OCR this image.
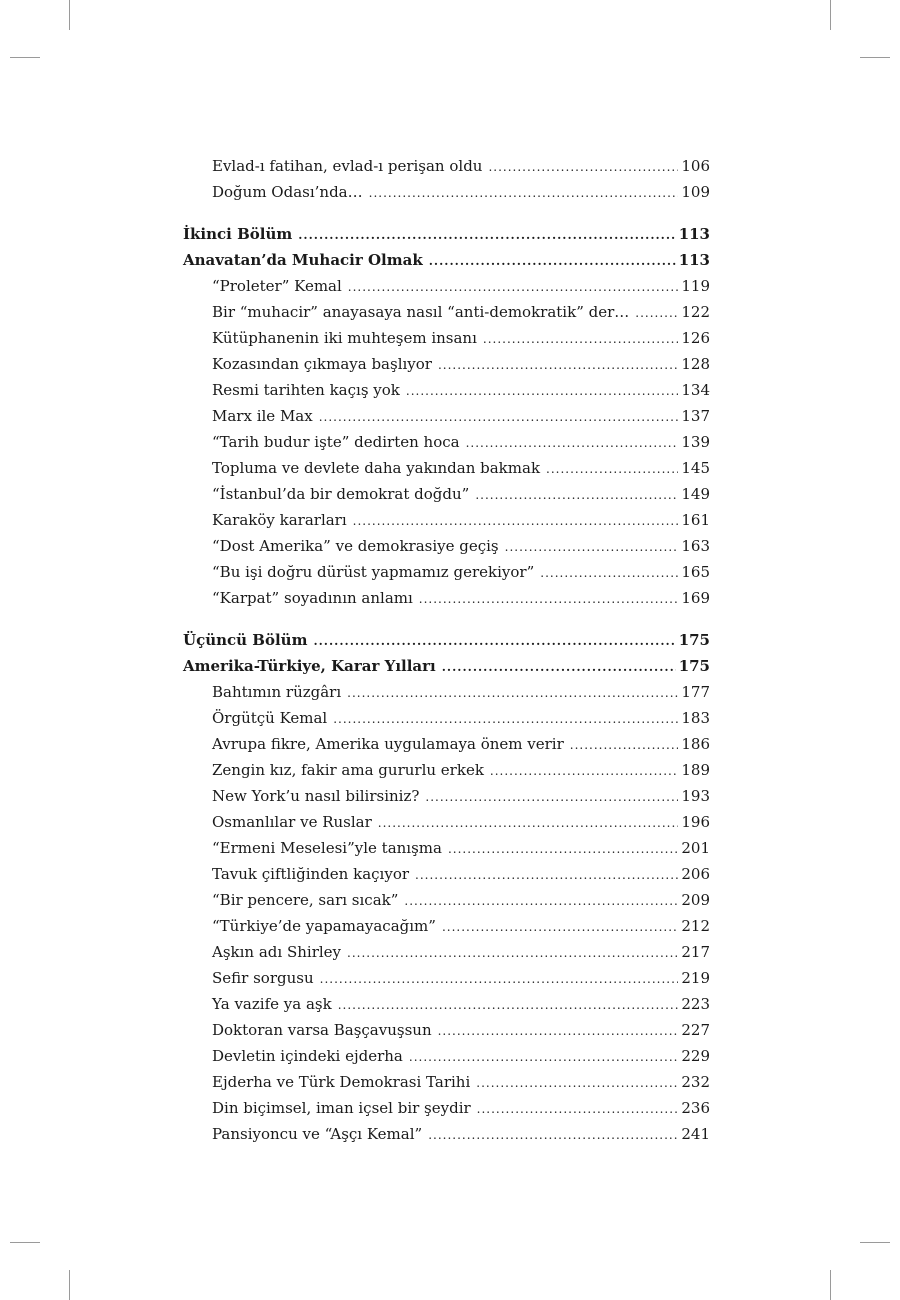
Evlad-ı fatihan, evlad-ı perişan oldu .....	106
Doğum Odası’nda… .....	109
İkinci Bölüm .....	113
Anavatan’da Muhacir Olmak .....	113
“Proleter” Kemal .....	119
Bir “muhacir” anayasaya nasıl “anti-demokratik” der… .....	122
Kütüphanenin iki muhteşem insanı .....	126
Kozasından çıkmaya başlıyor .....	128
Resmi tarihten kaçış yok .....	134
Marx ile Max .....	137
“Tarih budur işte” dedirten hoca .....	139
Topluma ve devlete daha yakından bakmak .....	145
“İstanbul’da bir demokrat doğdu” .....	149
Karaköy kararları .....	161
“Dost Amerika” ve demokrasiye geçiş .....	163
“Bu işi doğru dürüst yapmamız gerekiyor” .....	165
“Karpat” soyadının anlamı .....	169
Üçüncü Bölüm .....	175
Amerika-Türkiye, Karar Yılları .....	175
Bahtımın rüzgârı .....	177
Örgütçü Kemal .....	183
Avrupa fikre, Amerika uygulamaya önem verir .....	186
Zengin kız, fakir ama gururlu erkek .....	189
New York’u nasıl bilirsiniz? .....	193
Osmanlılar ve Ruslar .....	196
“Ermeni Meselesi”yle tanışma .....	201
Tavuk çiftliğinden kaçıyor .....	206
“Bir pencere, sarı sıcak” .....	209
“Türkiye’de yapamayacağım” .....	212
Aşkın adı Shirley .....	217
Sefir sorgusu .....	219
Ya vazife ya aşk .....	223
Doktoran varsa Başçavuşsun .....	227
Devletin içindeki ejderha .....	229
Ejderha ve Türk Demokrasi Tarihi .....	232
Din biçimsel, iman içsel bir şeydir .....	236
Pansiyoncu ve “Aşçı Kemal” .....	241
